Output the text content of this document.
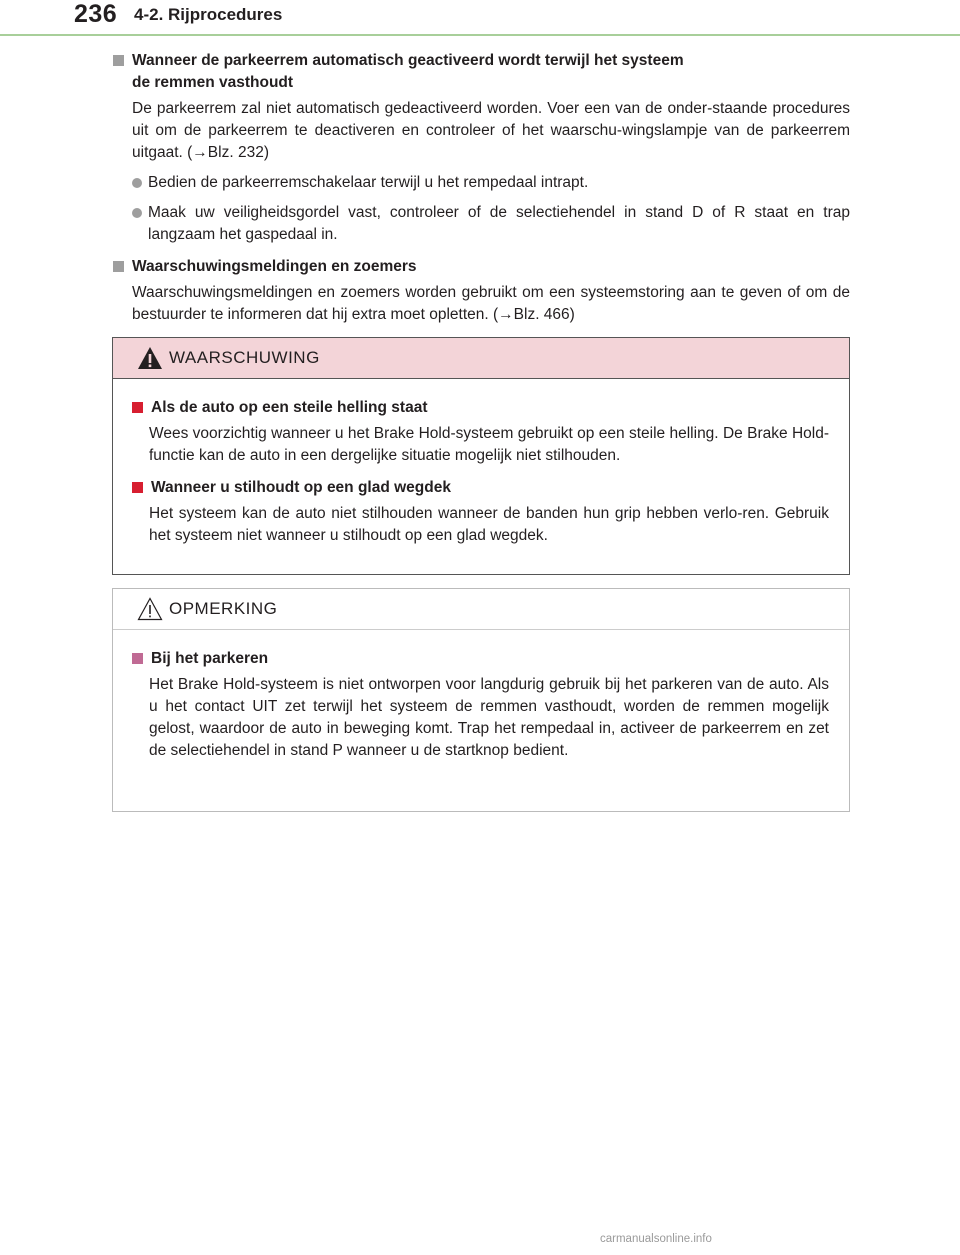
236 4-2. Rijprocedures
Wanneer de parkeerrem automatisch geactiveerd wordt terwijl het systeem
de remmen vasthoudt
De parkeerrem zal niet automatisch gedeactiveerd worden. Voer een van de onder-staande procedures uit om de parkeerrem te deactiveren en controleer of het waarschu-wingslampje van de parkeerrem uitgaat. (→Blz. 232)
Bedien de parkeerremschakelaar terwijl u het rempedaal intrapt.
Maak uw veiligheidsgordel vast, controleer of de selectiehendel in stand D of R staat en trap langzaam het gaspedaal in.
Waarschuwingsmeldingen en zoemers
Waarschuwingsmeldingen en zoemers worden gebruikt om een systeemstoring aan te geven of om de bestuurder te informeren dat hij extra moet opletten. (→Blz. 466)
WAARSCHUWING
Als de auto op een steile helling staat
Wees voorzichtig wanneer u het Brake Hold-systeem gebruikt op een steile helling. De Brake Hold-functie kan de auto in een dergelijke situatie mogelijk niet stilhouden.
Wanneer u stilhoudt op een glad wegdek
Het systeem kan de auto niet stilhouden wanneer de banden hun grip hebben verlo-ren. Gebruik het systeem niet wanneer u stilhoudt op een glad wegdek.
OPMERKING
Bij het parkeren
Het Brake Hold-systeem is niet ontworpen voor langdurig gebruik bij het parkeren van de auto. Als u het contact UIT zet terwijl het systeem de remmen vasthoudt, worden de remmen mogelijk gelost, waardoor de auto in beweging komt. Trap het rempedaal in, activeer de parkeerrem en zet de selectiehendel in stand P wanneer u de startknop bedient.
carmanualsonline.info
